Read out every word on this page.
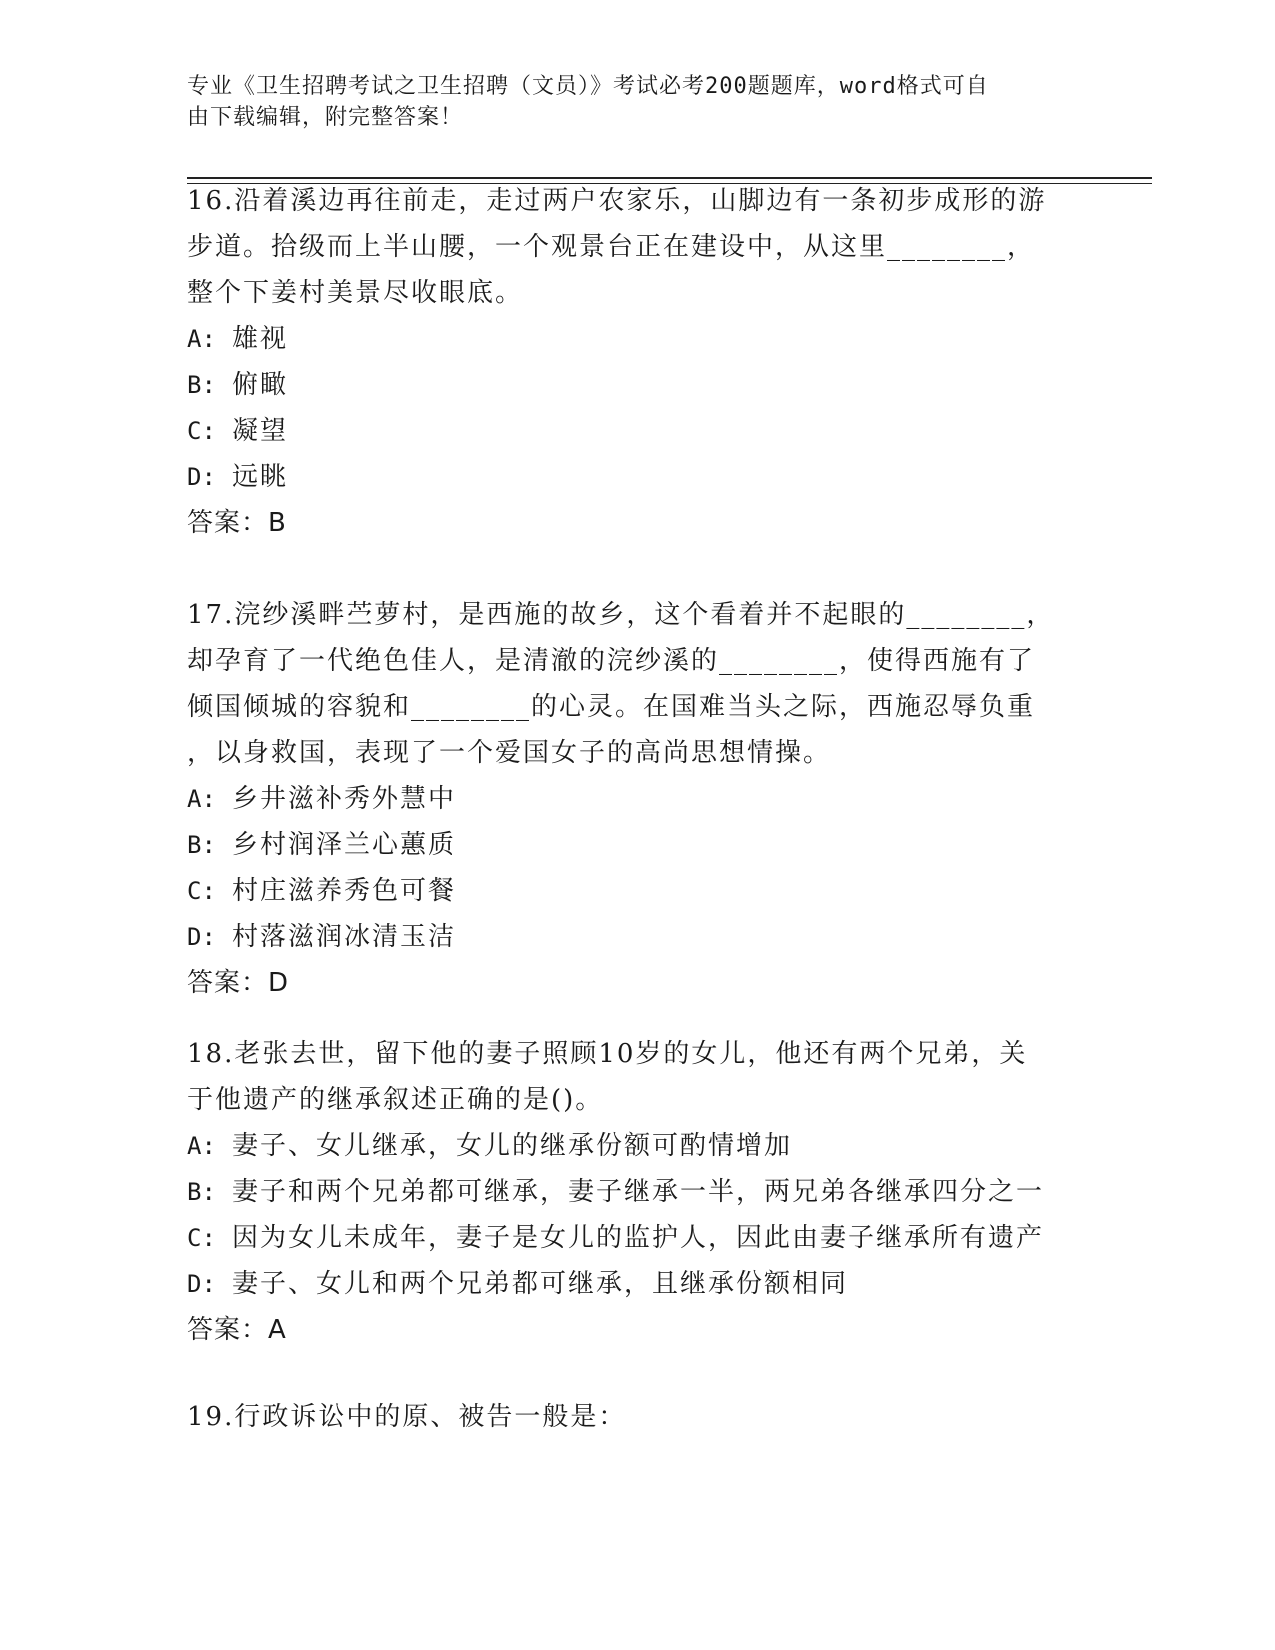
专业《卫生招聘考试之卫生招聘（文员）》考试必考200题题库，word格式可自
由下载编辑，附完整答案！
16.沿着溪边再往前走，走过两户农家乐，山脚边有一条初步成形的游
步道。拾级而上半山腰，一个观景台正在建设中，从这里________，
整个下姜村美景尽收眼底。
A: 雄视
B: 俯瞰
C: 凝望
D: 远眺
答案：B
17.浣纱溪畔苎萝村，是西施的故乡，这个看着并不起眼的________，
却孕育了一代绝色佳人，是清澈的浣纱溪的________，使得西施有了
倾国倾城的容貌和________的心灵。在国难当头之际，西施忍辱负重
，以身救国，表现了一个爱国女子的高尚思想情操。
A: 乡井滋补秀外慧中
B: 乡村润泽兰心蕙质
C: 村庄滋养秀色可餐
D: 村落滋润冰清玉洁
答案：D
18.老张去世，留下他的妻子照顾10岁的女儿，他还有两个兄弟，关
于他遗产的继承叙述正确的是()。
A: 妻子、女儿继承，女儿的继承份额可酌情增加
B: 妻子和两个兄弟都可继承，妻子继承一半，两兄弟各继承四分之一
C: 因为女儿未成年，妻子是女儿的监护人，因此由妻子继承所有遗产
D: 妻子、女儿和两个兄弟都可继承，且继承份额相同
答案：A
19.行政诉讼中的原、被告一般是：
